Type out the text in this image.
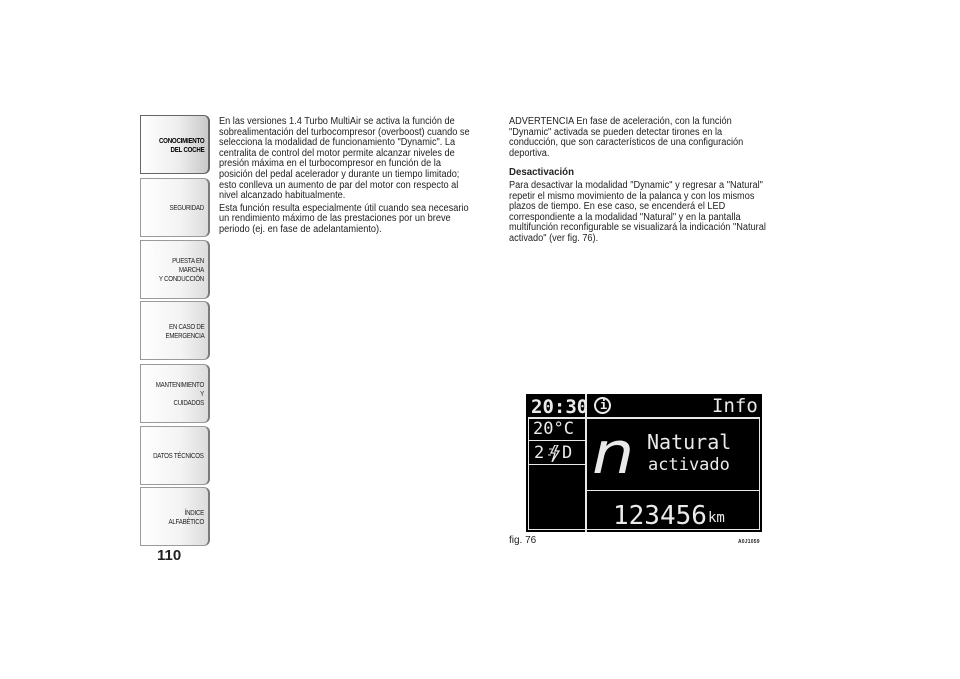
CONOCIMIENTO
DEL COCHE
SEGURIDAD
PUESTA EN MARCHA
Y CONDUCCIÓN
EN CASO DE
EMERGENCIA
MANTENIMIENTO Y
CUIDADOS
DATOS TÉCNICOS
ÍNDICE ALFABÉTICO
110

En las versiones 1.4 Turbo MultiAir se activa la función de sobrealimentación del turbocompresor (overboost) cuando se selecciona la modalidad de funcionamiento "Dynamic". La centralita de control del motor permite alcanzar niveles de presión máxima en el turbocompresor en función de la posición del pedal acelerador y durante un tiempo limitado; esto conlleva un aumento de par del motor con respecto al nivel alcanzado habitualmente.

Esta función resulta especialmente útil cuando sea necesario un rendimiento máximo de las prestaciones por un breve periodo (ej. en fase de adelantamiento).

ADVERTENCIA En fase de aceleración, con la función "Dynamic" activada se pueden detectar tirones en la conducción, que son característicos de una configuración deportiva.

Desactivación

Para desactivar la modalidad "Dynamic" y regresar a "Natural" repetir el mismo movimiento de la palanca y con los mismos plazos de tiempo. En ese caso, se encenderá el LED correspondiente a la modalidad "Natural" y en la pantalla multifunción reconfigurable se visualizará la indicación "Natural activado" (ver fig. 76).

20:30 i	Info
20°C
2 D n Natural
activado
123456 km
fig. 76	A0J1059
